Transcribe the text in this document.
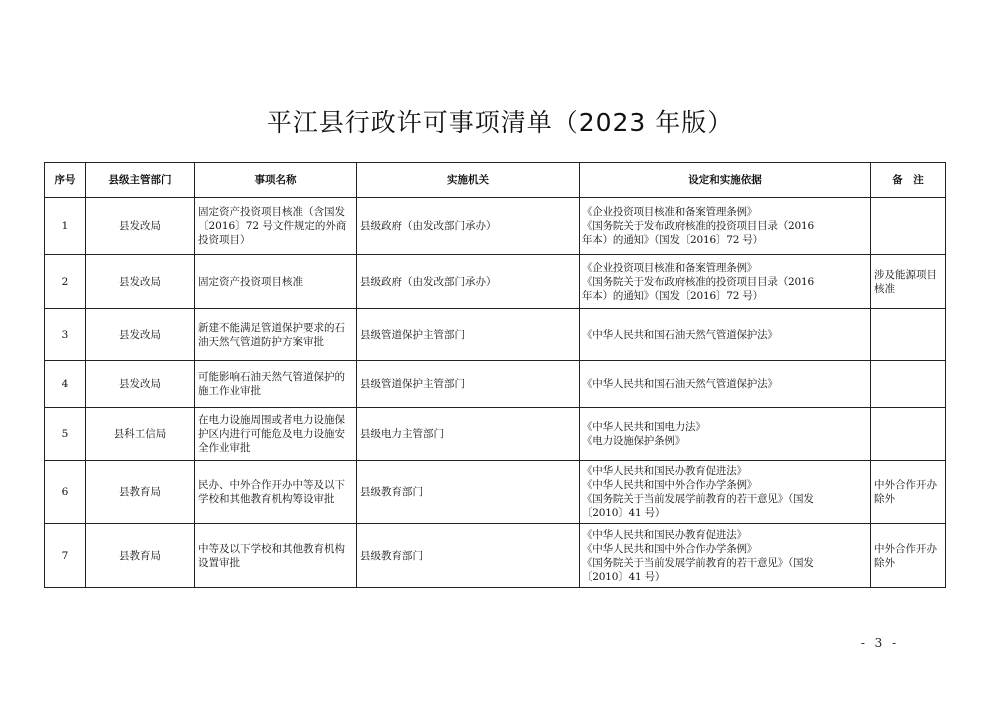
平江县行政许可事项清单（2023 年版）
序号	县级主管部门	事项名称	实施机关	设定和实施依据	备　注
1	县发改局	固定资产投资项目核准（含国发〔2016〕72 号文件规定的外商投资项目）	县级政府（由发改部门承办）	《企业投资项目核准和备案管理条例》
《国务院关于发布政府核准的投资项目目录（2016
年本）的通知》（国发〔2016〕72 号）	

2	县发改局	固定资产投资项目核准	县级政府（由发改部门承办）	《企业投资项目核准和备案管理条例》
《国务院关于发布政府核准的投资项目目录（2016
年本）的通知》（国发〔2016〕72 号）	涉及能源项目核准
3	县发改局	新建不能满足管道保护要求的石油天然气管道防护方案审批	县级管道保护主管部门	《中华人民共和国石油天然气管道保护法》	

4	县发改局	可能影响石油天然气管道保护的施工作业审批	县级管道保护主管部门	《中华人民共和国石油天然气管道保护法》	

5	县科工信局	在电力设施周围或者电力设施保护区内进行可能危及电力设施安全作业审批	县级电力主管部门	《中华人民共和国电力法》
《电力设施保护条例》	

6	县教育局	民办、中外合作开办中等及以下学校和其他教育机构筹设审批	县级教育部门	《中华人民共和国民办教育促进法》
《中华人民共和国中外合作办学条例》
《国务院关于当前发展学前教育的若干意见》（国发
〔2010〕41 号）	中外合作开办除外
7	县教育局	中等及以下学校和其他教育机构设置审批	县级教育部门	《中华人民共和国民办教育促进法》
《中华人民共和国中外合作办学条例》
《国务院关于当前发展学前教育的若干意见》（国发
〔2010〕41 号）	中外合作开办除外
- 3 -
